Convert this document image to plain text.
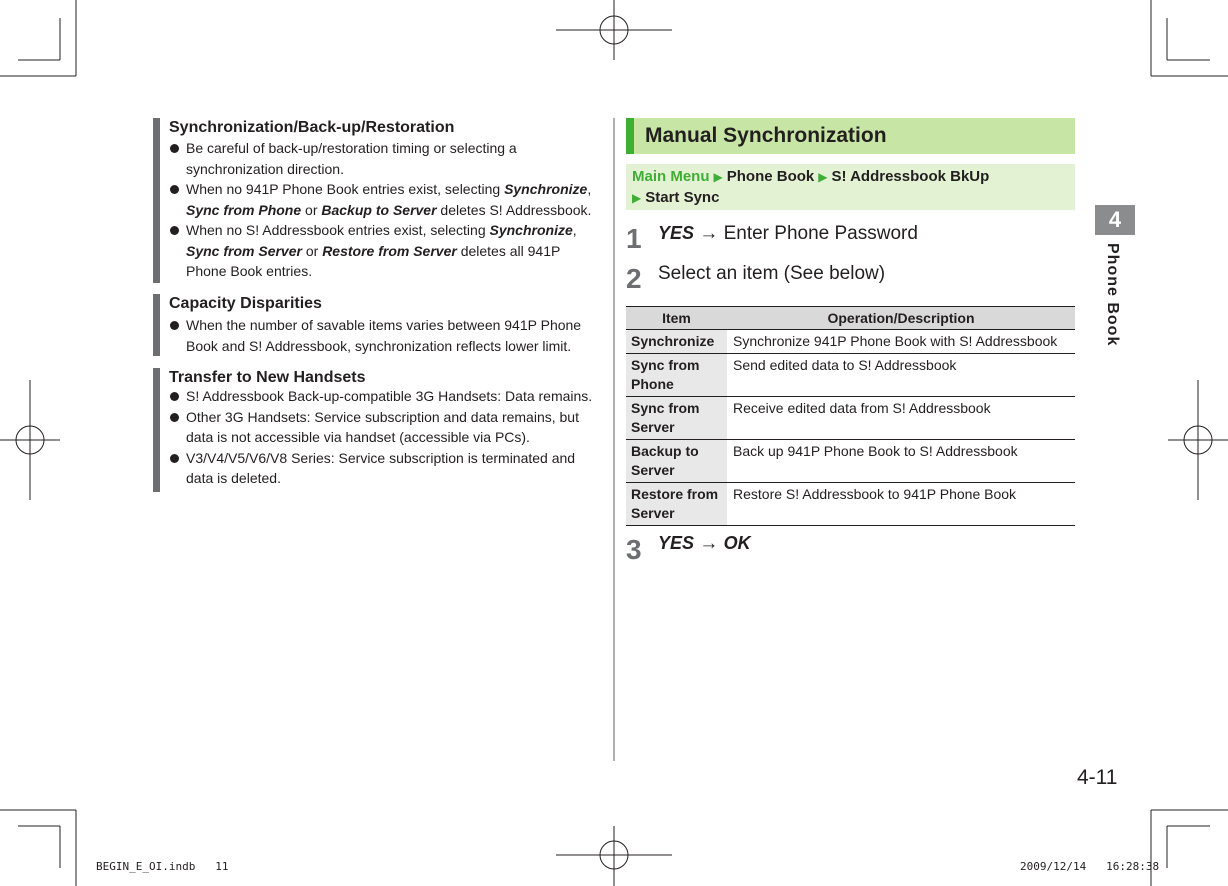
Synchronization/Back-up/Restoration
Be careful of back-up/restoration timing or selecting a synchronization direction.
When no 941P Phone Book entries exist, selecting Synchronize,
Sync from Phone or Backup to Server deletes S! Addressbook.
When no S! Addressbook entries exist, selecting Synchronize,
Sync from Server or Restore from Server deletes all 941P Phone Book entries.
Capacity Disparities
When the number of savable items varies between 941P Phone Book and S! Addressbook, synchronization reflects lower limit.
Transfer to New Handsets
S! Addressbook Back-up-compatible 3G Handsets: Data remains.
Other 3G Handsets: Service subscription and data remains, but data is not accessible via handset (accessible via PCs).
V3/V4/V5/V6/V8 Series: Service subscription is terminated and data is deleted.
Manual Synchronization
Main Menu ▶ Phone Book ▶ S! Addressbook BkUp
▶ Start Sync
1 YES → Enter Phone Password
2 Select an item (See below)
Item	Operation/Description
Synchronize	Synchronize 941P Phone Book with S! Addressbook
Sync from Phone	Send edited data to S! Addressbook
Sync from Server	Receive edited data from S! Addressbook
Backup to Server	Back up 941P Phone Book to S! Addressbook
Restore from Server	Restore S! Addressbook to 941P Phone Book
3 YES → OK
4
Phone Book
4-11
BEGIN_E_OI.indb   11	2009/12/14   16:28:38
